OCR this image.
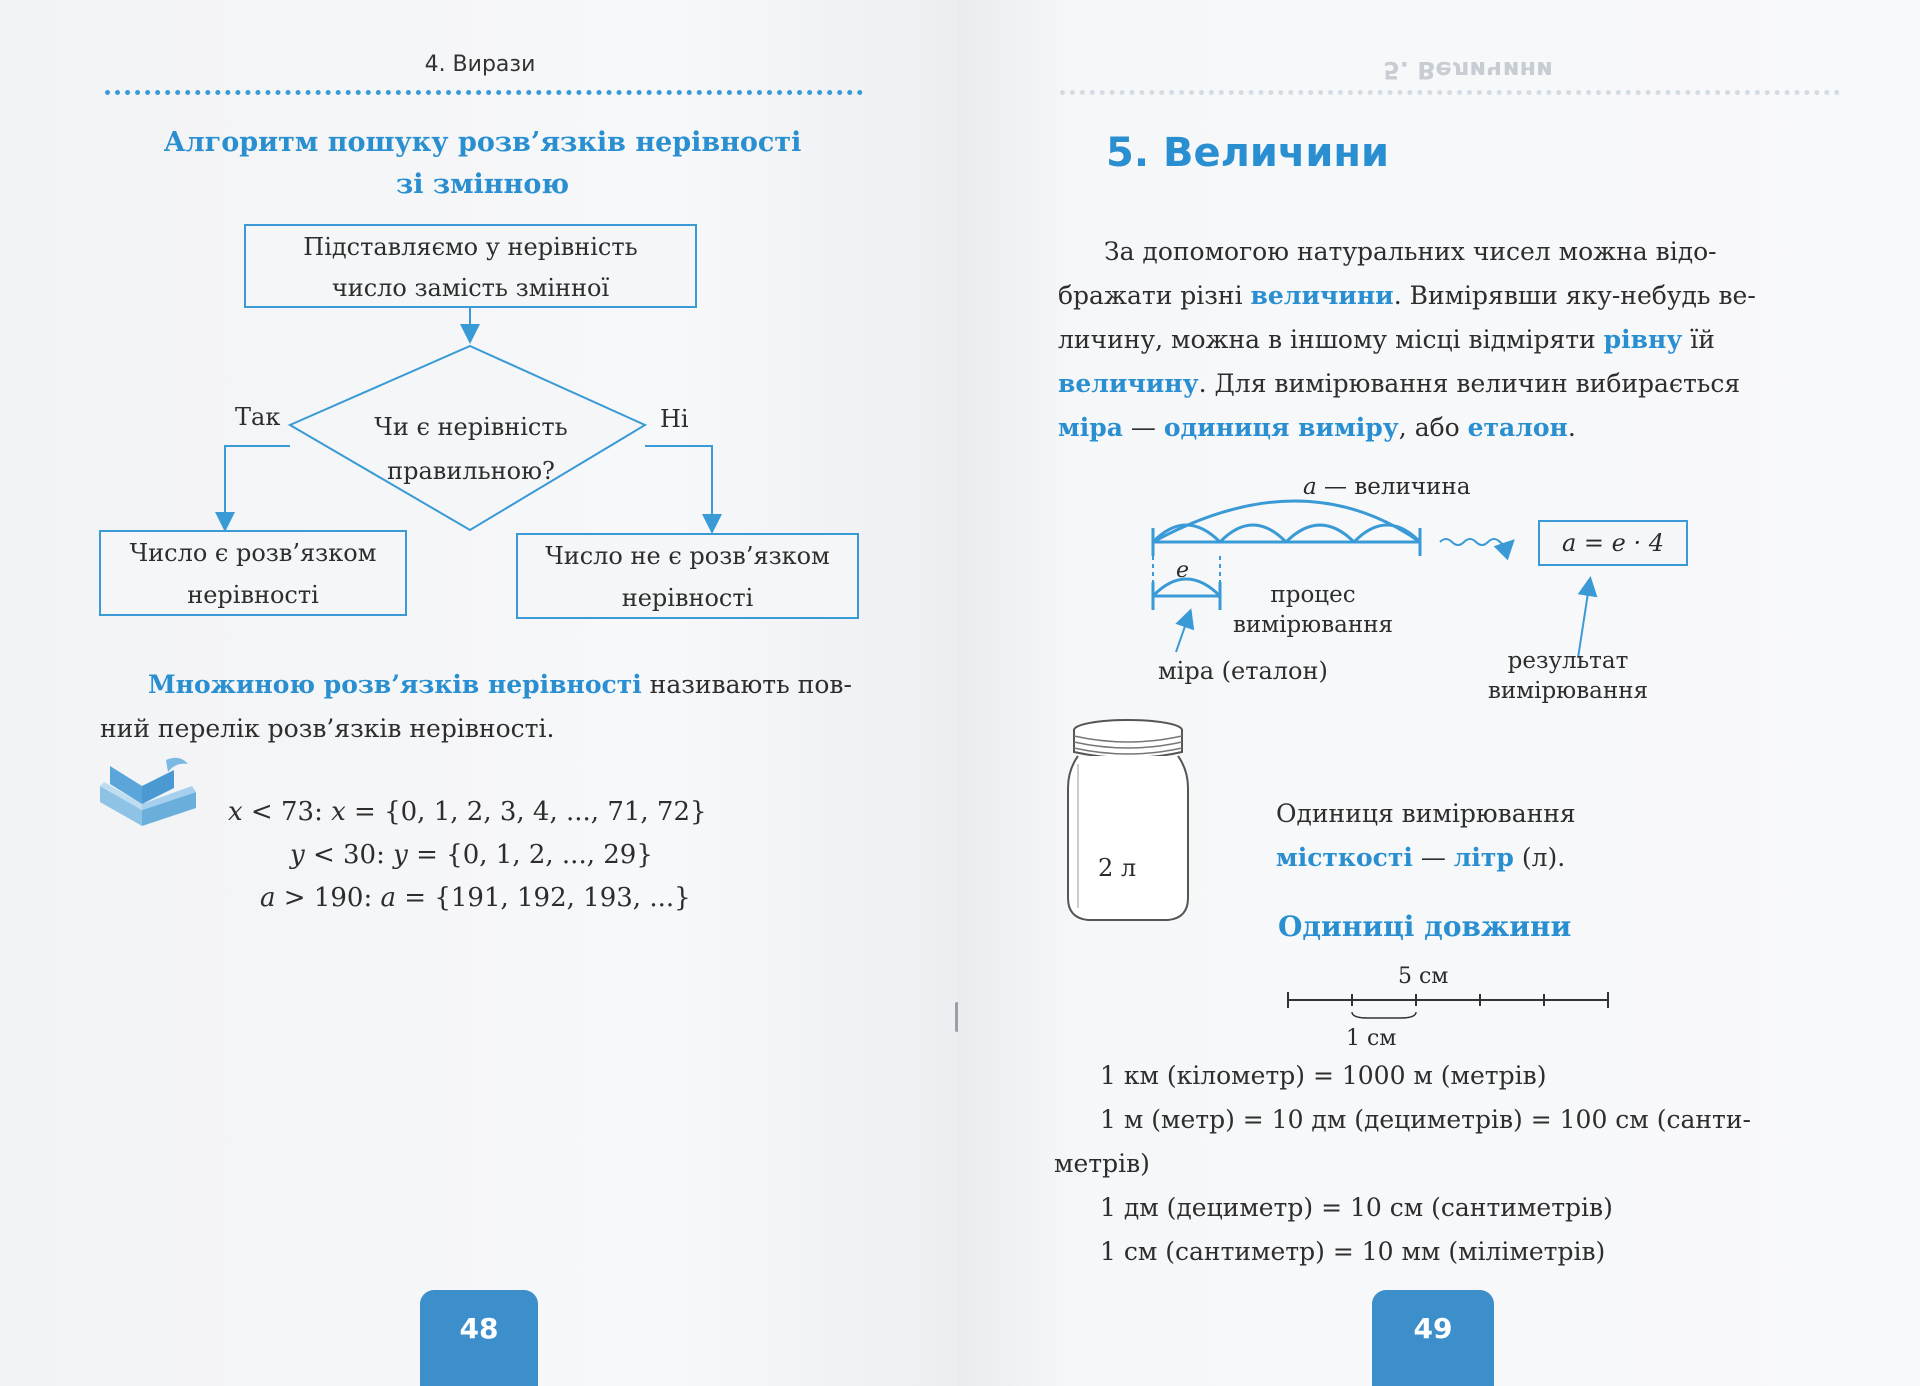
4. Вирази
Алгоритм пошуку розв’язків нерівності
зі змінною
Підставляємо у нерівність
число замість змінної
Чи є нерівність
правильною?
Так	Ні
Число є розв’язком
нерівності
Число не є розв’язком
нерівності
Множиною розв’язків нерівності називають пов-
ний перелік розв’язків нерівності.
x < 73: x = {0, 1, 2, 3, 4, ..., 71, 72}
y < 30: y = {0, 1, 2, ..., 29}
a > 190: a = {191, 192, 193, ...}
48
5. Величини
5. Величини
За допомогою натуральних чисел можна відо-
бражати різні величини. Вимірявши яку-небудь ве-
личину, можна в іншому місці відміряти рівну їй
величину. Для вимірювання величин вибирається
міра — одиниця виміру, або еталон.
a — величина
e
a = e · 4
процес
вимірювання
міра (еталон)	результат
вимірювання
2 л
Одиниця вимірювання
місткості — літр (л).
Одиниці довжини
5 см
1 см
1 км (кілометр) = 1000 м (метрів)
1 м (метр) = 10 дм (дециметрів) = 100 см (санти-
метрів)
1 дм (дециметр) = 10 см (сантиметрів)
1 см (сантиметр) = 10 мм (міліметрів)
49
